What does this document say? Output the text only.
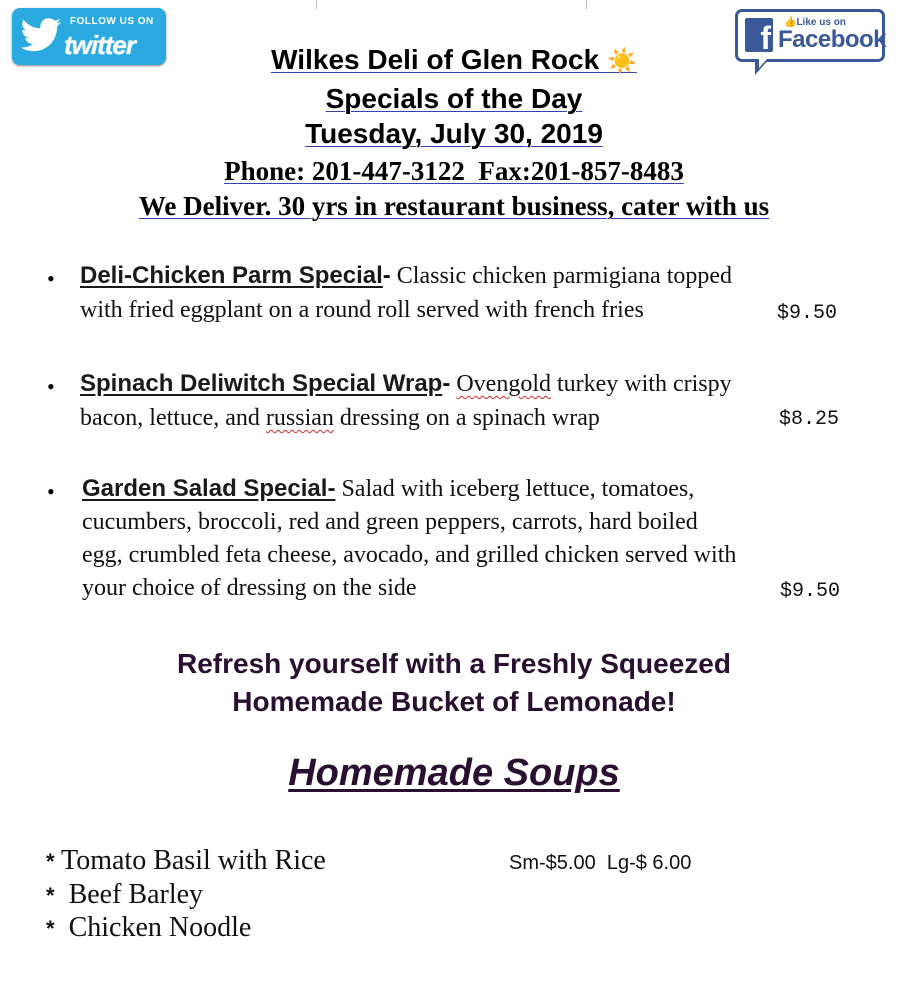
FOLLOW US ON
twitter	f 👍Like us on
Facebook
Wilkes Deli of Glen Rock ☀️
Specials of the Day
Tuesday, July 30, 2019
Phone: 201-447-3122  Fax:201-857-8483
We Deliver. 30 yrs in restaurant business, cater with us
• Deli-Chicken Parm Special- Classic chicken parmigiana topped
with fried eggplant on a round roll served with french fries	$9.50
• Spinach Deliwitch Special Wrap- Ovengold turkey with crispy
bacon, lettuce, and russian dressing on a spinach wrap	$8.25
• Garden Salad Special- Salad with iceberg lettuce, tomatoes,
cucumbers, broccoli, red and green peppers, carrots, hard boiled
egg, crumbled feta cheese, avocado, and grilled chicken served with
your choice of dressing on the side	$9.50
Refresh yourself with a Freshly Squeezed
Homemade Bucket of Lemonade!
Homemade Soups
* Tomato Basil with Rice
*  Beef Barley
*  Chicken Noodle
Sm-$5.00  Lg-$ 6.00
